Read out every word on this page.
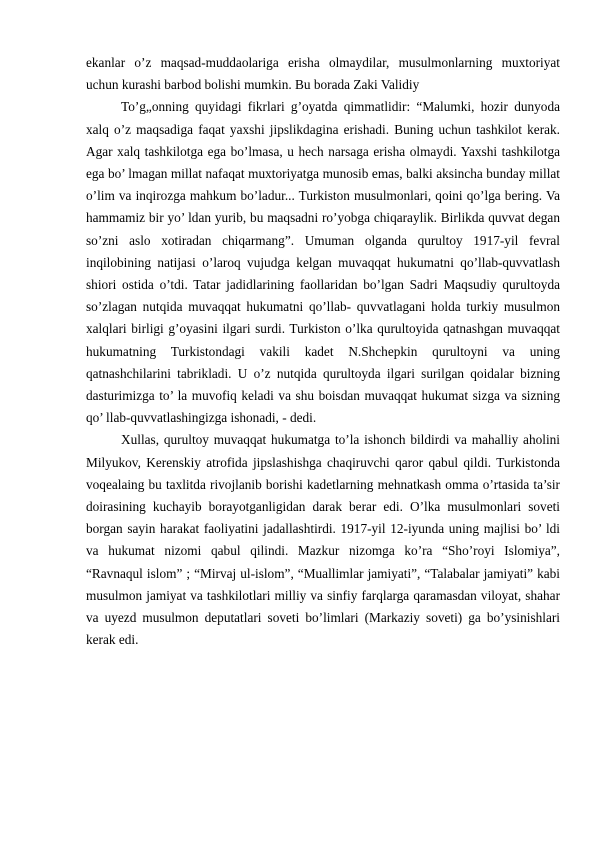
ekanlar o’z maqsad-muddaolariga erisha olmaydilar, musulmonlarning muxtoriyat uchun kurashi barbod bolishi mumkin. Bu borada Zaki Validiy

To’g„onning quyidagi fikrlari g’oyatda qimmatlidir: “Malumki, hozir dunyoda xalq o’z maqsadiga faqat yaxshi jipslikdagina erishadi. Buning uchun tashkilot kerak. Agar xalq tashkilotga ega bo’lmasa, u hech narsaga erisha olmaydi. Yaxshi tashkilotga ega bo’ lmagan millat nafaqat muxtoriyatga munosib emas, balki aksincha bunday millat o’lim va inqirozga mahkum bo’ladur... Turkiston musulmonlari, qoini qo’lga bering. Va hammamiz bir yo’ ldan yurib, bu maqsadni ro’yobga chiqaraylik. Birlikda quvvat degan so’zni aslo xotiradan chiqarmang”. Umuman olganda qurultoy 1917-yil fevral inqilobining natijasi o’laroq vujudga kelgan muvaqqat hukumatni qo’llab-quvvatlash shiori ostida o’tdi. Tatar jadidlarining faollaridan bo’lgan Sadri Maqsudiy qurultoyda so’zlagan nutqida muvaqqat hukumatni qo’llab- quvvatlagani holda turkiy musulmon xalqlari birligi g’oyasini ilgari surdi. Turkiston o’lka qurultoyida qatnashgan muvaqqat hukumatning Turkistondagi vakili kadet N.Shchepkin qurultoyni va uning qatnashchilarini tabrikladi. U o’z nutqida qurultoyda ilgari surilgan qoidalar bizning dasturimizga to’ la muvofiq keladi va shu boisdan muvaqqat hukumat sizga va sizning qo’ llab-quvvatlashingizga ishonadi, - dedi.

Xullas, qurultoy muvaqqat hukumatga to’la ishonch bildirdi va mahalliy aholini Milyukov, Kerenskiy atrofida jipslashishga chaqiruvchi qaror qabul qildi. Turkistonda voqealaing bu taxlitda rivojlanib borishi kadetlarning mehnatkash omma o’rtasida ta’sir doirasining kuchayib borayotganligidan darak berar edi. O’lka musulmonlari soveti borgan sayin harakat faoliyatini jadallashtirdi. 1917-yil 12-iyunda uning majlisi bo’ ldi va hukumat nizomi qabul qilindi. Mazkur nizomga ko’ra “Sho’royi Islomiya”, “Ravnaqul islom” ; “Mirvaj ul-islom”, “Muallimlar jamiyati”, “Talabalar jamiyati” kabi musulmon jamiyat va tashkilotlari milliy va sinfiy farqlarga qaramasdan viloyat, shahar va uyezd musulmon deputatlari soveti bo’limlari (Markaziy soveti) ga bo’ysinishlari kerak edi.
